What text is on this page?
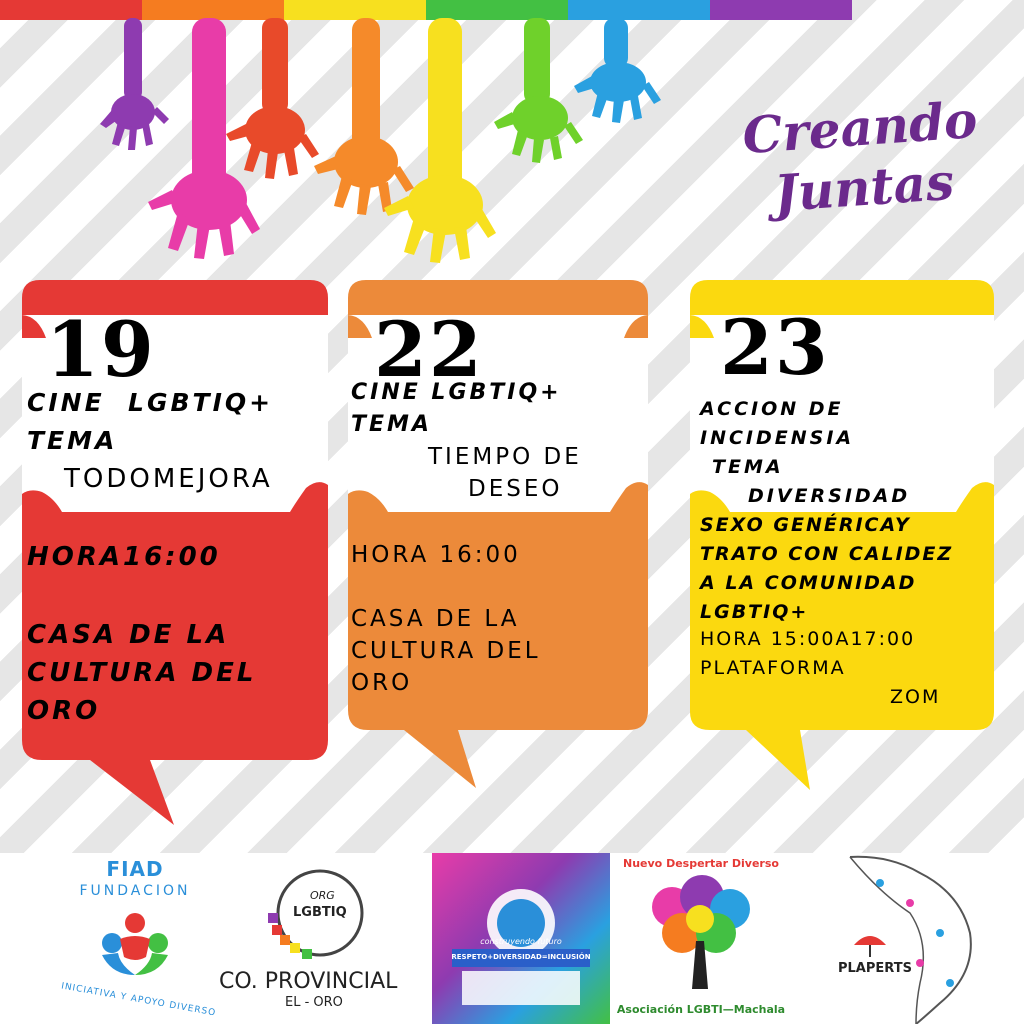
Creando
Juntas
19
CINE  LGBTIQ+
TEMA
TODOMEJORA
HORA16:00
CASA DE LA
CULTURA DEL
ORO
22
CINE LGBTIQ+
TEMA
TIEMPO DE
DESEO
HORA 16:00
CASA DE LA
CULTURA DEL
ORO
23
ACCION DE
INCIDENSIA
TEMA
DIVERSIDAD
SEXO GENÉRICAY
TRATO CON CALIDEZ
A LA COMUNIDAD
LGBTIQ+
HORA 15:00A17:00
PLATAFORMA
ZOM
FIAD
FUNDACION
INICIATIVA Y APOYO DIVERSO
ORG
LGBTIQ
CO. PROVINCIAL
EL - ORO
construyendo futuro
RESPETO+DIVERSIDAD=INCLUSIÓN
Nuevo Despertar Diverso
Asociación LGBTI—Machala
PLAPERTS
